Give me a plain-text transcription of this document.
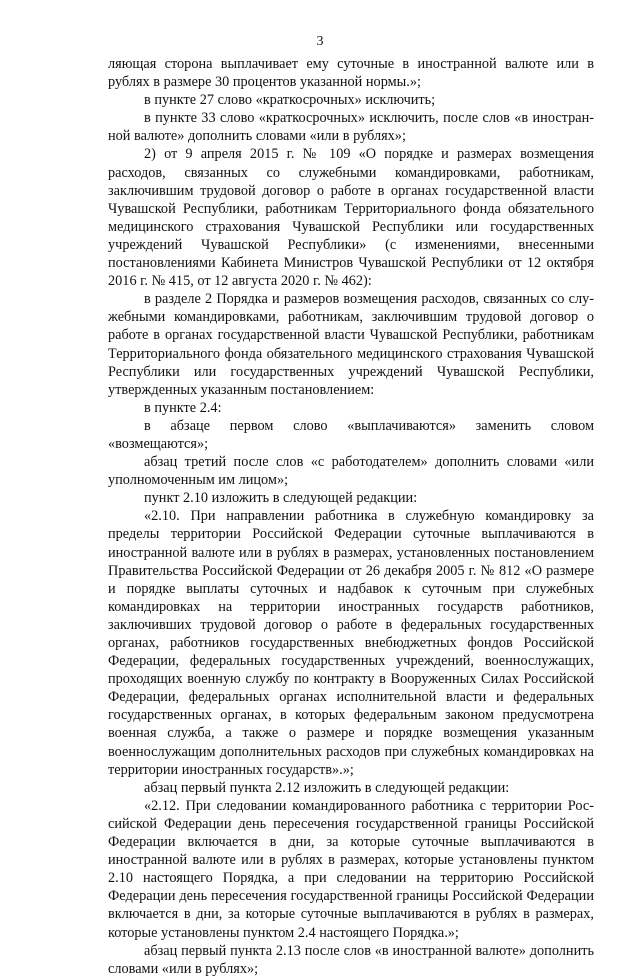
3

ляющая сторона выплачивает ему суточные в иностранной валюте или в рублях в размере 30 процентов указанной нормы.»;

в пункте 27 слово «краткосрочных» исключить;

в пункте 33 слово «краткосрочных» исключить, после слов «в иностранной валюте» дополнить словами «или в рублях»;

2) от 9 апреля 2015 г. № 109 «О порядке и размерах возмещения расходов, связанных со служебными командировками, работникам, заключившим трудовой договор о работе в органах государственной власти Чувашской Республики, работникам Территориального фонда обязательного медицинского страхования Чувашской Республики или государственных учреждений Чувашской Республики» (с изменениями, внесенными постановлениями Кабинета Министров Чувашской Республики от 12 октября 2016 г. № 415, от 12 августа 2020 г. № 462):

в разделе 2 Порядка и размеров возмещения расходов, связанных со служебными командировками, работникам, заключившим трудовой договор о работе в органах государственной власти Чувашской Республики, работникам Территориального фонда обязательного медицинского страхования Чувашской Республики или государственных учреждений Чувашской Республики, утвержденных указанным постановлением:

в пункте 2.4:

в абзаце первом слово «выплачиваются» заменить словом «возмещаются»;

абзац третий после слов «с работодателем» дополнить словами «или уполномоченным им лицом»;

пункт 2.10 изложить в следующей редакции:

«2.10. При направлении работника в служебную командировку за пределы территории Российской Федерации суточные выплачиваются в иностранной валюте или в рублях в размерах, установленных постановлением Правительства Российской Федерации от 26 декабря 2005 г. № 812 «О размере и порядке выплаты суточных и надбавок к суточным при служебных командировках на территории иностранных государств работников, заключивших трудовой договор о работе в федеральных государственных органах, работников государственных внебюджетных фондов Российской Федерации, федеральных государственных учреждений, военнослужащих, проходящих военную службу по контракту в Вооруженных Силах Российской Федерации, федеральных органах исполнительной власти и федеральных государственных органах, в которых федеральным законом предусмотрена военная служба, а также о размере и порядке возмещения указанным военнослужащим дополнительных расходов при служебных командировках на территории иностранных государств».»;

абзац первый пункта 2.12 изложить в следующей редакции:

«2.12. При следовании командированного работника с территории Российской Федерации день пересечения государственной границы Российской Федерации включается в дни, за которые суточные выплачиваются в иностранной валюте или в рублях в размерах, которые установлены пунктом 2.10 настоящего Порядка, а при следовании на территорию Российской Федерации день пересечения государственной границы Российской Федерации включается в дни, за которые суточные выплачиваются в рублях в размерах, которые установлены пунктом 2.4 настоящего Порядка.»;

абзац первый пункта 2.13 после слов «в иностранной валюте» дополнить словами «или в рублях»;
